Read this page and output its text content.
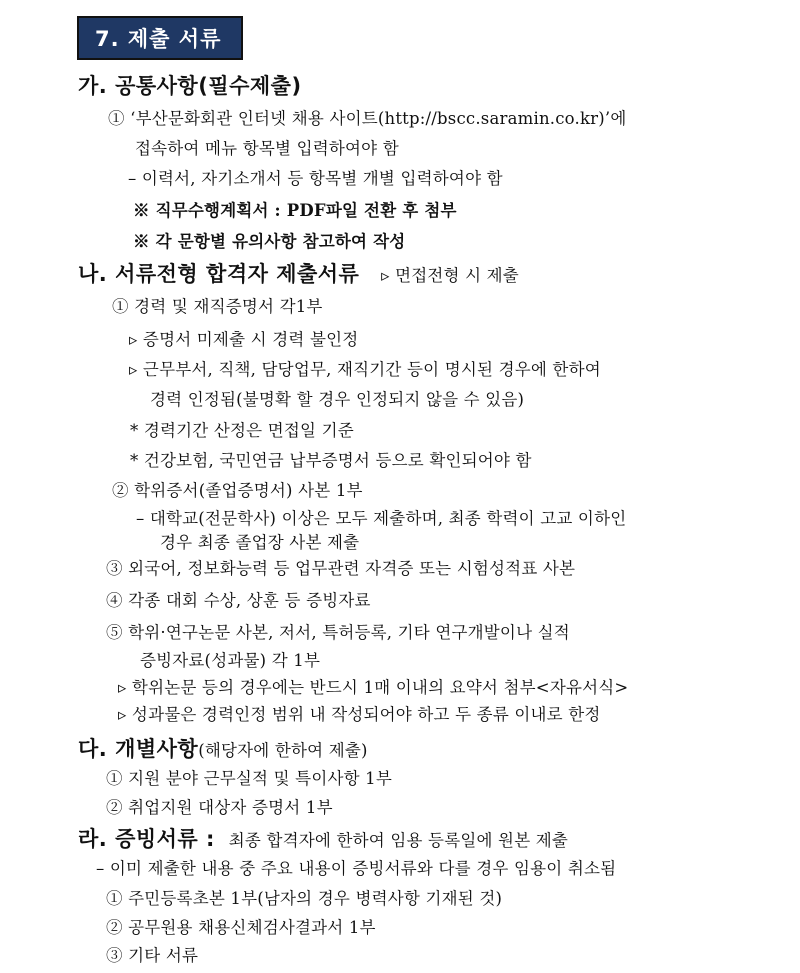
7. 제출 서류
가. 공통사항(필수제출)
① ‘부산문화회관 인터넷 채용 사이트(http://bscc.saramin.co.kr)’에
접속하여 메뉴 항목별 입력하여야 함
– 이력서, 자기소개서 등 항목별 개별 입력하여야 함
※ 직무수행계획서 : PDF파일 전환 후 첨부
※ 각 문항별 유의사항 참고하여 작성
나. 서류전형 합격자 제출서류 ▹ 면접전형 시 제출
① 경력 및 재직증명서 각1부
▹ 증명서 미제출 시 경력 불인정
▹ 근무부서, 직책, 담당업무, 재직기간 등이 명시된 경우에 한하여
경력 인정됨(불명확 할 경우 인정되지 않을 수 있음)
* 경력기간 산정은 면접일 기준
* 건강보험, 국민연금 납부증명서 등으로 확인되어야 함
② 학위증서(졸업증명서) 사본 1부
– 대학교(전문학사) 이상은 모두 제출하며, 최종 학력이 고교 이하인
경우 최종 졸업장 사본 제출
③ 외국어, 정보화능력 등 업무관련 자격증 또는 시험성적표 사본
④ 각종 대회 수상, 상훈 등 증빙자료
⑤ 학위·연구논문 사본, 저서, 특허등록, 기타 연구개발이나 실적
증빙자료(성과물) 각 1부
▹ 학위논문 등의 경우에는 반드시 1매 이내의 요약서 첨부<자유서식>
▹ 성과물은 경력인정 범위 내 작성되어야 하고 두 종류 이내로 한정
다. 개별사항(해당자에 한하여 제출)
① 지원 분야 근무실적 및 특이사항 1부
② 취업지원 대상자 증명서 1부
라. 증빙서류 : 최종 합격자에 한하여 임용 등록일에 원본 제출
– 이미 제출한 내용 중 주요 내용이 증빙서류와 다를 경우 임용이 취소됨
① 주민등록초본 1부(남자의 경우 병력사항 기재된 것)
② 공무원용 채용신체검사결과서 1부
③ 기타 서류
